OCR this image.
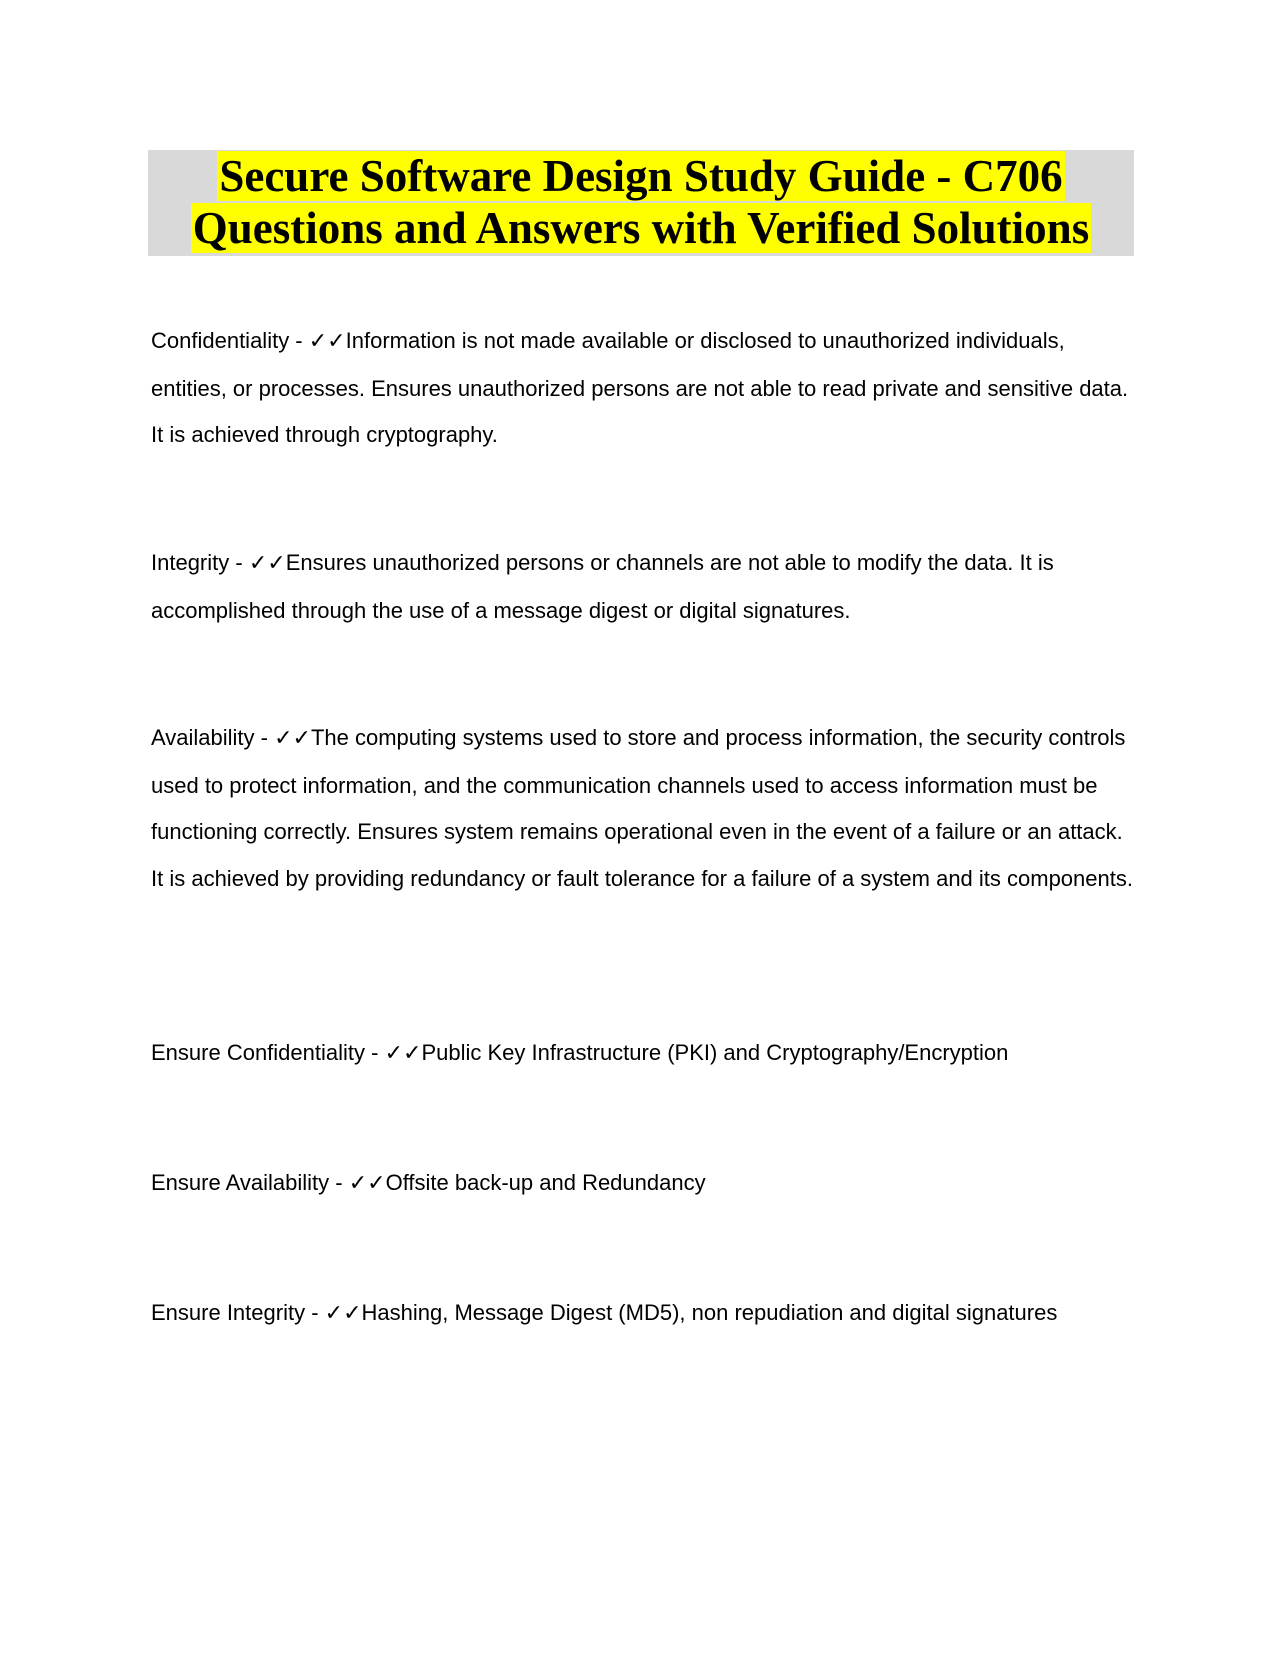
Secure Software Design Study Guide - C706

Questions and Answers with Verified Solutions

Confidentiality - ✓✓Information is not made available or disclosed to unauthorized individuals, entities, or processes. Ensures unauthorized persons are not able to read private and sensitive data. It is achieved through cryptography.

Integrity - ✓✓Ensures unauthorized persons or channels are not able to modify the data. It is accomplished through the use of a message digest or digital signatures.

Availability - ✓✓The computing systems used to store and process information, the security controls used to protect information, and the communication channels used to access information must be functioning correctly. Ensures system remains operational even in the event of a failure or an attack. It is achieved by providing redundancy or fault tolerance for a failure of a system and its components.

Ensure Confidentiality - ✓✓Public Key Infrastructure (PKI) and Cryptography/Encryption

Ensure Availability - ✓✓Offsite back-up and Redundancy

Ensure Integrity - ✓✓Hashing, Message Digest (MD5), non repudiation and digital signatures
